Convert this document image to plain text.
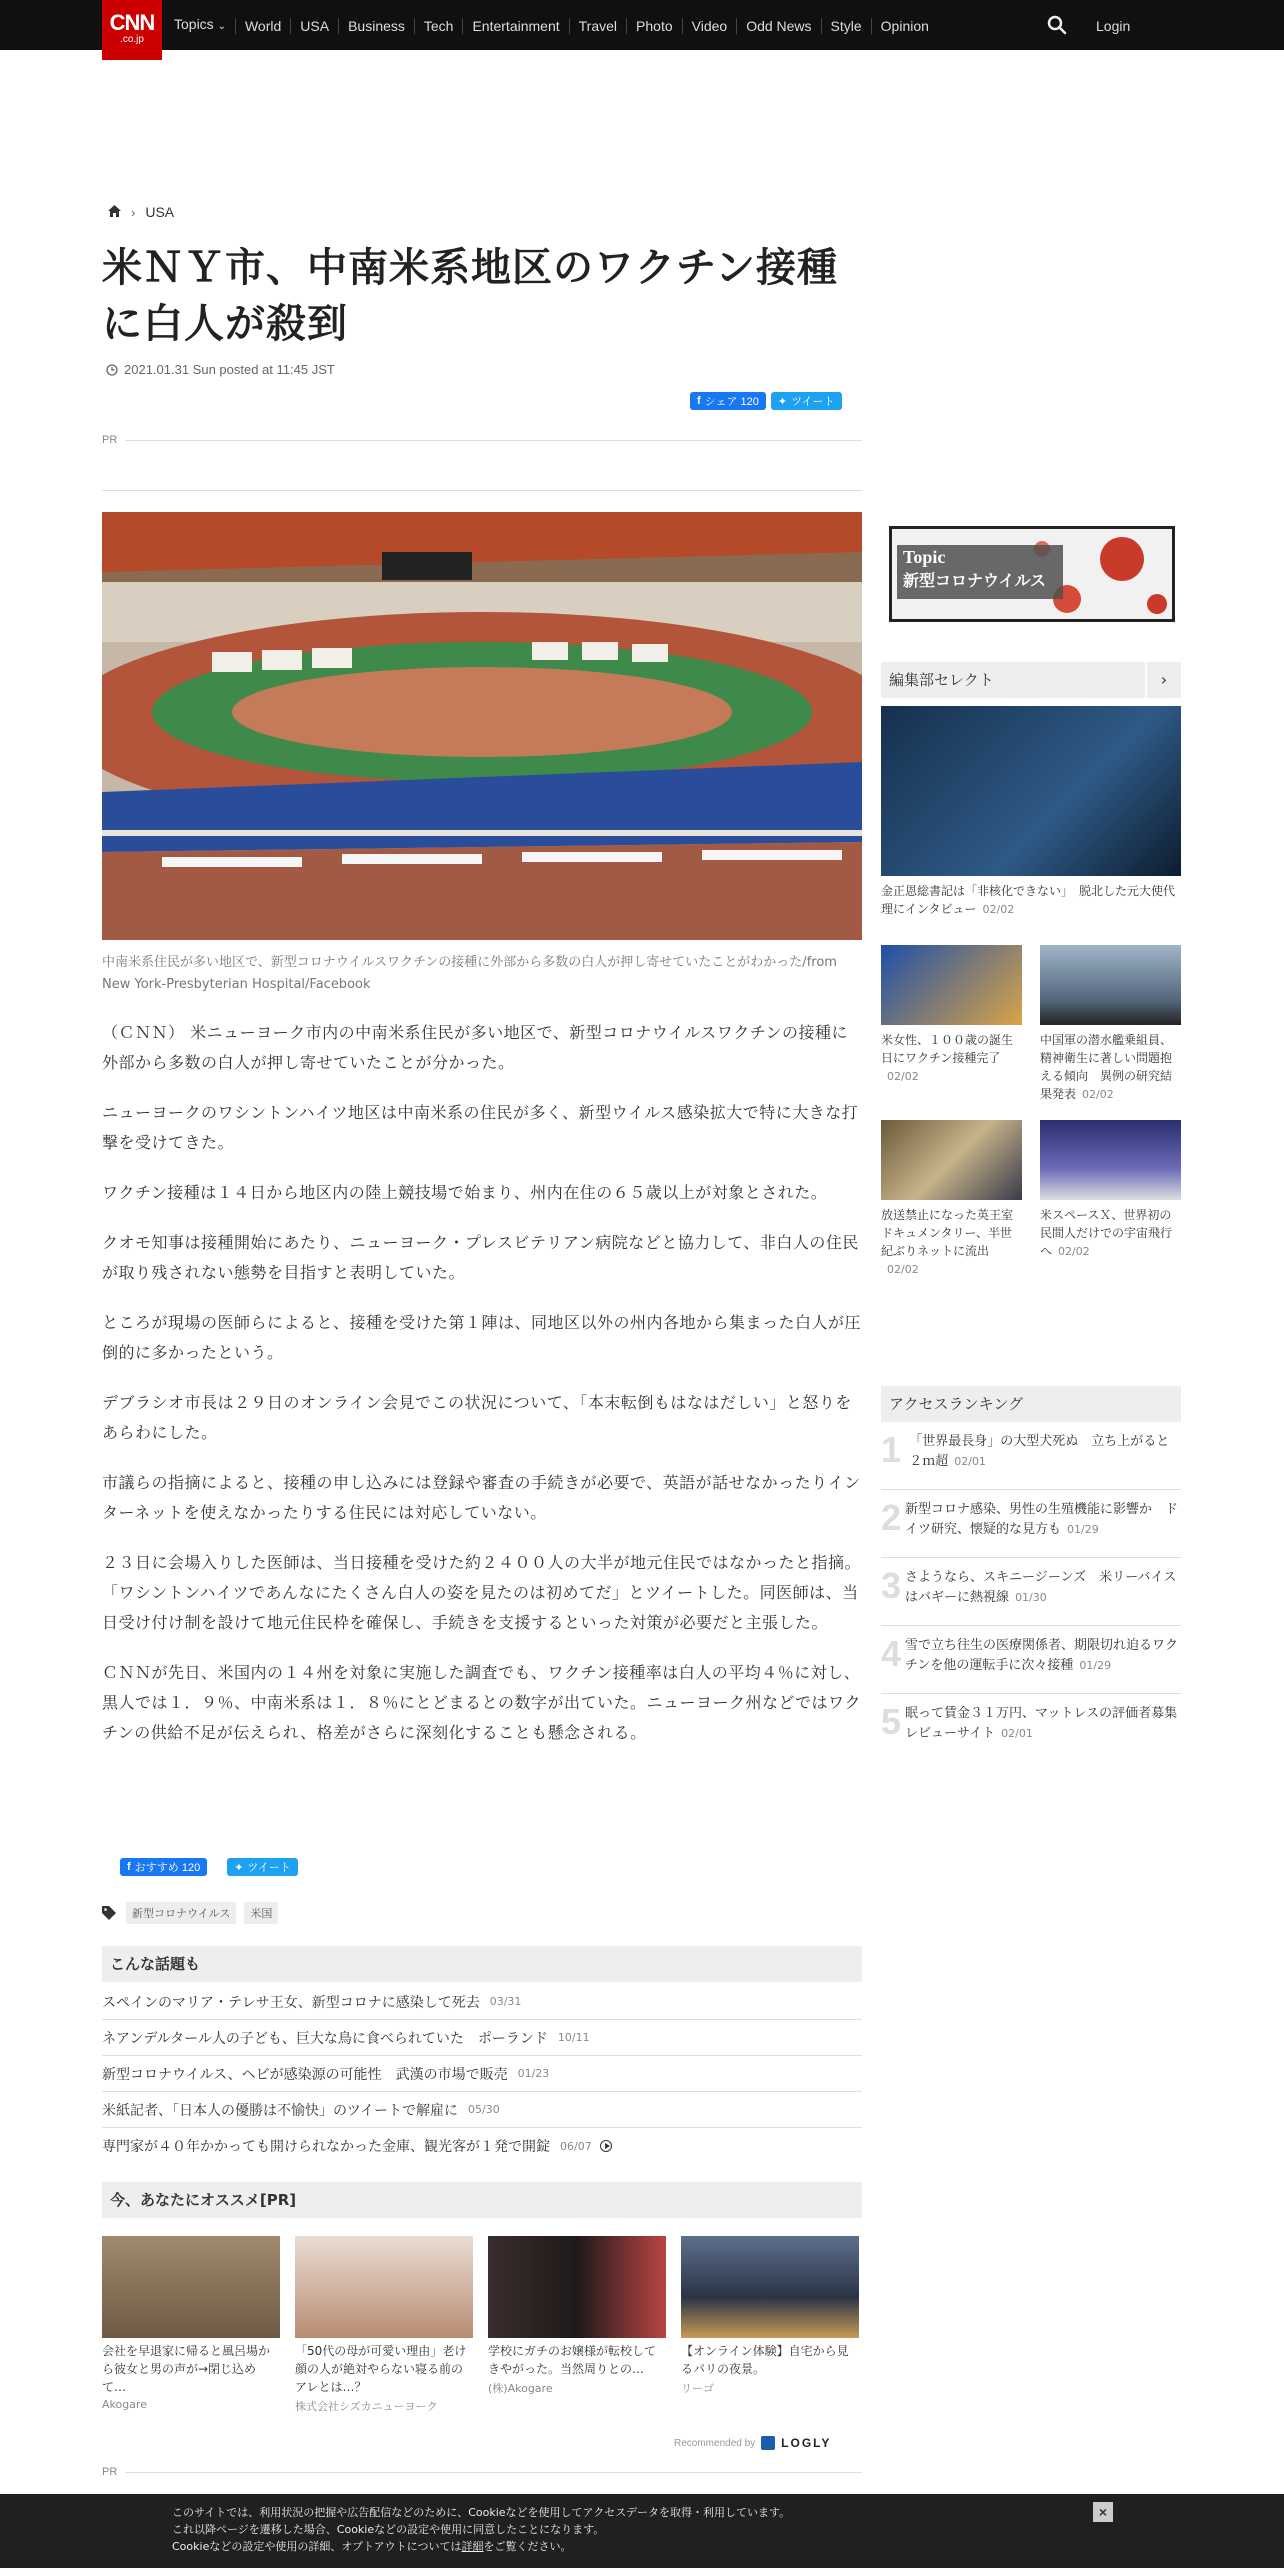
CNN
.co.jp
Topics ⌄	World	USA	Business	Tech	Entertainment	Travel	Photo	Video	Odd News	Style	Opinion	Login
› USA
米ＮＹ市、中南米系地区のワクチン接種に白人が殺到
2021.01.31 Sun posted at 11:45 JST
f シェア 120 ✦ ツイート
PR
中南米系住民が多い地区で、新型コロナウイルスワクチンの接種に外部から多数の白人が押し寄せていたことがわかった/from New York-Presbyterian Hospital/Facebook

（ＣＮＮ） 米ニューヨーク市内の中南米系住民が多い地区で、新型コロナウイルスワクチンの接種に外部から多数の白人が押し寄せていたことが分かった。

ニューヨークのワシントンハイツ地区は中南米系の住民が多く、新型ウイルス感染拡大で特に大きな打撃を受けてきた。

ワクチン接種は１４日から地区内の陸上競技場で始まり、州内在住の６５歳以上が対象とされた。

クオモ知事は接種開始にあたり、ニューヨーク・プレスビテリアン病院などと協力して、非白人の住民が取り残されない態勢を目指すと表明していた。

ところが現場の医師らによると、接種を受けた第１陣は、同地区以外の州内各地から集まった白人が圧倒的に多かったという。

デブラシオ市長は２９日のオンライン会見でこの状況について、「本末転倒もはなはだしい」と怒りをあらわにした。

市議らの指摘によると、接種の申し込みには登録や審査の手続きが必要で、英語が話せなかったりインターネットを使えなかったりする住民には対応していない。

２３日に会場入りした医師は、当日接種を受けた約２４００人の大半が地元住民ではなかったと指摘。「ワシントンハイツであんなにたくさん白人の姿を見たのは初めてだ」とツイートした。同医師は、当日受け付け制を設けて地元住民枠を確保し、手続きを支援するといった対策が必要だと主張した。

ＣＮＮが先日、米国内の１４州を対象に実施した調査でも、ワクチン接種率は白人の平均４％に対し、黒人では１．９％、中南米系は１．８％にとどまるとの数字が出ていた。ニューヨーク州などではワクチンの供給不足が伝えられ、格差がさらに深刻化することも懸念される。

f おすすめ 120	✦ ツイート
新型コロナウイルス	米国
こんな話題も
スペインのマリア・テレサ王女、新型コロナに感染して死去 03/31
ネアンデルタール人の子ども、巨大な鳥に食べられていた　ポーランド 10/11
新型コロナウイルス、ヘビが感染源の可能性　武漢の市場で販売 01/23
米紙記者、「日本人の優勝は不愉快」のツイートで解雇に 05/30
専門家が４０年かかっても開けられなかった金庫、観光客が１発で開錠 06/07
今、あなたにオススメ[PR]
会社を早退家に帰ると風呂場から彼女と男の声が→閉じ込めて…
Akogare
「50代の母が可愛い理由」老け顔の人が絶対やらない寝る前のアレとは…？
株式会社シズカニューヨーク
学校にガチのお嬢様が転校してきやがった。当然周りとの…
(株)Akogare
【オンライン体験】自宅から見るパリの夜景。
リーゴ
Recommended by LOGLY
PR
Topic
新型コロナウイルス
編集部セレクト	›
金正恩総書記は「非核化できない」　脱北した元大使代理にインタビュー 02/02
米女性、１００歳の誕生日にワクチン接種完了02/02
中国軍の潜水艦乗組員、精神衛生に著しい問題抱える傾向　異例の研究結果発表 02/02
放送禁止になった英王室ドキュメンタリー、半世紀ぶりネットに流出02/02
米スペースＸ、世界初の民間人だけでの宇宙飛行へ 02/02
アクセスランキング
1 「世界最長身」の大型犬死ぬ　立ち上がると２ｍ超 02/01
2 新型コロナ感染、男性の生殖機能に影響か　ドイツ研究、懐疑的な見方も 01/29
3 さようなら、スキニージーンズ　米リーバイスはバギーに熱視線 01/30
4 雪で立ち往生の医療関係者、期限切れ迫るワクチンを他の運転手に次々接種 01/29
5 眠って賃金３１万円、マットレスの評価者募集　レビューサイト 02/01
このサイトでは、利用状況の把握や広告配信などのために、Cookieなどを使用してアクセスデータを取得・利用しています。
これ以降ページを遷移した場合、Cookieなどの設定や使用に同意したことになります。
Cookieなどの設定や使用の詳細、オプトアウトについては詳細をご覧ください。
×
